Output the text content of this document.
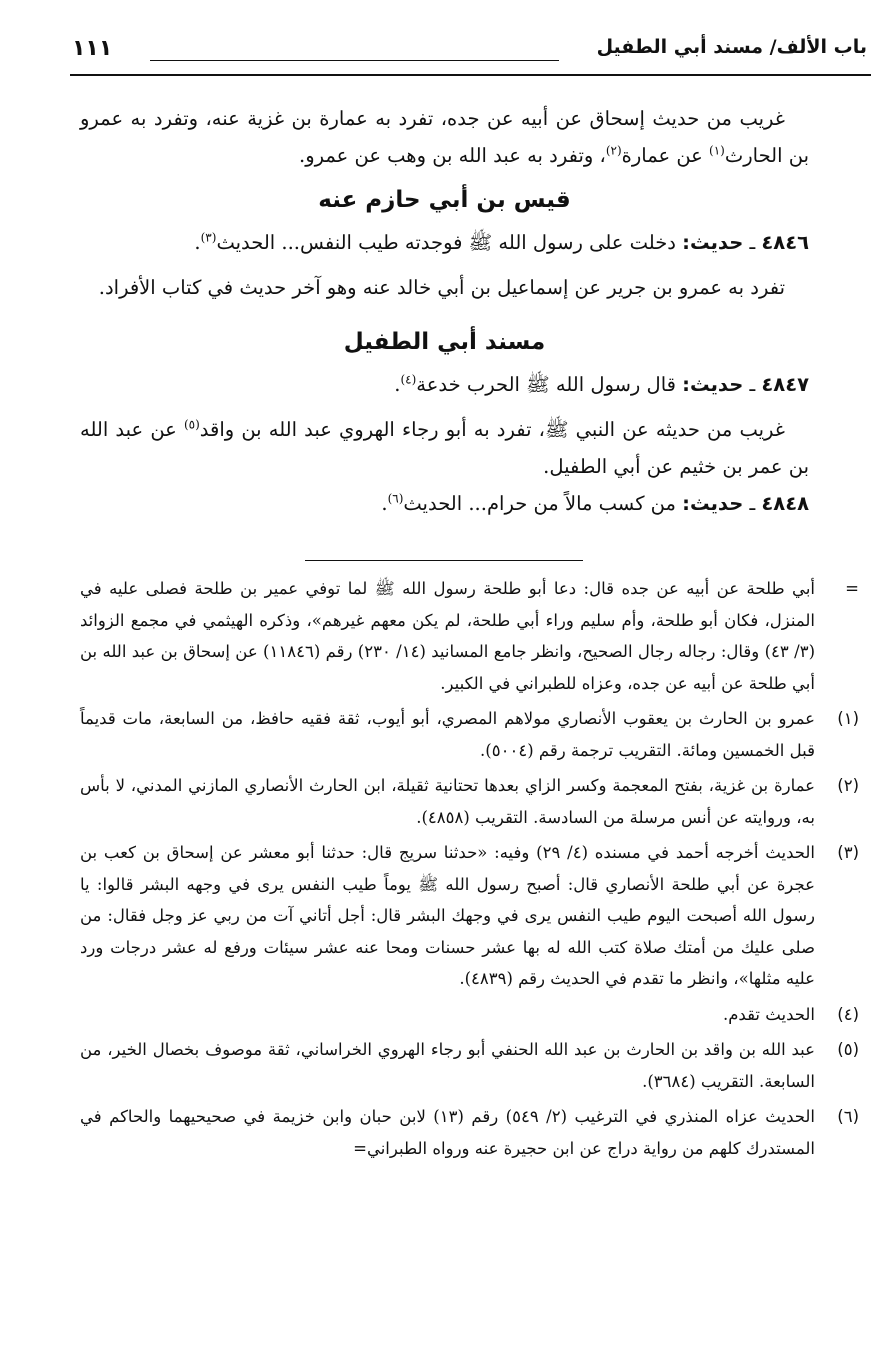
باب الألف/ مسند أبي الطفيل
١١١

غريب من حديث إسحاق عن أبيه عن جده، تفرد به عمارة بن غزية عنه، وتفرد به عمرو بن الحارث$^{(١)}$ عن عمارة$^{(٢)}$، وتفرد به عبد الله بن وهب عن عمرو.

قيس بن أبي حازم عنه

٤٨٤٦ ـ حديث: دخلت على رسول الله ﷺ فوجدته طيب النفس... الحديث$^{(٣)}$.

تفرد به عمرو بن جرير عن إسماعيل بن أبي خالد عنه وهو آخر حديث في كتاب الأفراد.

مسند أبي الطفيل

٤٨٤٧ ـ حديث: قال رسول الله ﷺ الحرب خدعة$^{(٤)}$.

غريب من حديثه عن النبي ﷺ، تفرد به أبو رجاء الهروي عبد الله بن واقد$^{(٥)}$ عن عبد الله بن عمر بن خثيم عن أبي الطفيل.

٤٨٤٨ ـ حديث: من كسب مالاً من حرام... الحديث$^{(٦)}$.

=
أبي طلحة عن أبيه عن جده قال: دعا أبو طلحة رسول الله ﷺ لما توفي عمير بن طلحة فصلى عليه في المنزل، فكان أبو طلحة، وأم سليم وراء أبي طلحة، لم يكن معهم غيرهم»، وذكره الهيثمي في مجمع الزوائد (٣/ ٤٣) وقال: رجاله رجال الصحيح، وانظر جامع المسانيد (١٤/ ٢٣٠) رقم (١١٨٤٦) عن إسحاق بن عبد الله بن أبي طلحة عن أبيه عن جده، وعزاه للطبراني في الكبير.
(١)
عمرو بن الحارث بن يعقوب الأنصاري مولاهم المصري، أبو أيوب، ثقة فقيه حافظ، من السابعة، مات قديماً قبل الخمسين ومائة. التقريب ترجمة رقم (٥٠٠٤).
(٢)
عمارة بن غزية، بفتح المعجمة وكسر الزاي بعدها تحتانية ثقيلة، ابن الحارث الأنصاري المازني المدني، لا بأس به، وروايته عن أنس مرسلة من السادسة. التقريب (٤٨٥٨).
(٣)
الحديث أخرجه أحمد في مسنده (٤/ ٢٩) وفيه: «حدثنا سريج قال: حدثنا أبو معشر عن إسحاق بن كعب بن عجرة عن أبي طلحة الأنصاري قال: أصبح رسول الله ﷺ يوماً طيب النفس يرى في وجهه البشر قالوا: يا رسول الله أصبحت اليوم طيب النفس يرى في وجهك البشر قال: أجل أتاني آت من ربي عز وجل فقال: من صلى عليك من أمتك صلاة كتب الله له بها عشر حسنات ومحا عنه عشر سيئات ورفع له عشر درجات ورد عليه مثلها»، وانظر ما تقدم في الحديث رقم (٤٨٣٩).
(٤)
الحديث تقدم.
(٥)
عبد الله بن واقد بن الحارث بن عبد الله الحنفي أبو رجاء الهروي الخراساني، ثقة موصوف بخصال الخير، من السابعة. التقريب (٣٦٨٤).
(٦)
الحديث عزاه المنذري في الترغيب (٢/ ٥٤٩) رقم (١٣) لابن حبان وابن خزيمة في صحيحيهما والحاكم في المستدرك كلهم من رواية دراج عن ابن حجيرة عنه ورواه الطبراني=
